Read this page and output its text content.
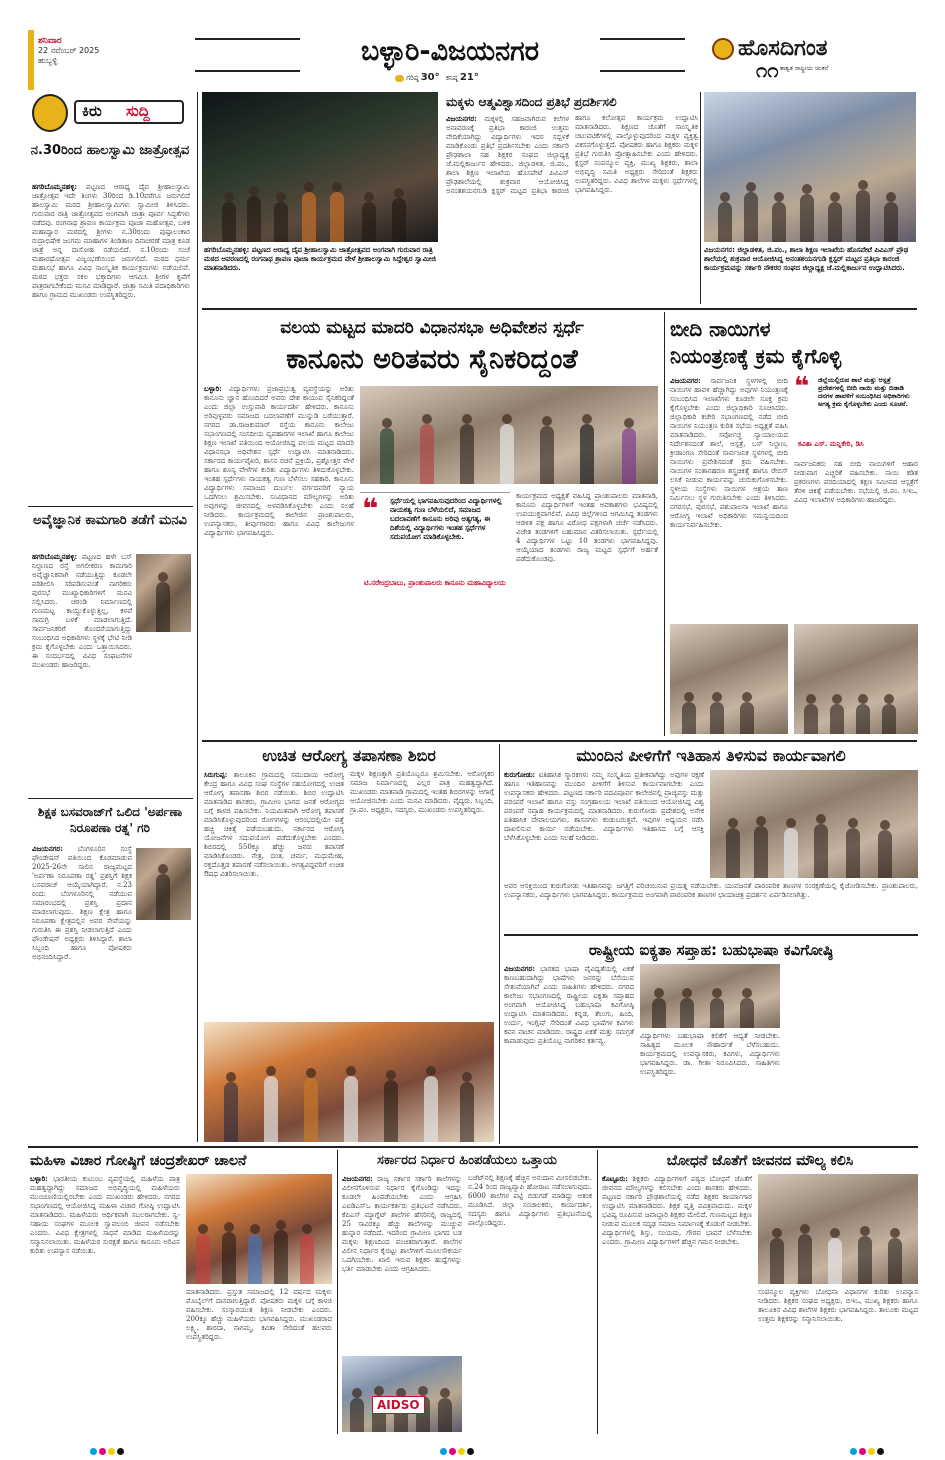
ಶನಿವಾರ
22 ನವೆಂಬರ್ 2025
ಹುಬ್ಬಳ್ಳಿ	ಬಳ್ಳಾರಿ-ವಿಜಯನಗರ
ಗರಿಷ್ಠ 30° ಕನಿಷ್ಠ 21°
ಹೊಸದಿಗಂತ
ಶಾಶ್ವತ ರಾಷ್ಟ್ರೀಯ ಚಿಂತನೆ
೧೧
ಕಿರು ಸುದ್ದಿ
ನ.30ರಿಂದ ಹಾಲಸ್ವಾಮಿ ಜಾತ್ರೋತ್ಸವ
ಹಗರಿಬೊಮ್ಮನಹಳ್ಳಿ: ಪಟ್ಟಣದ ಆರಾಧ್ಯ ದೈವ ಶ್ರೀಹಾಲಸ್ವಾಮಿ ಜಾತ್ರೋತ್ಸವ ಇದೇ ತಿಂಗಳು 30ರಿಂದ ಡಿ.10ವರೆಗೂ ಜರುಗಲಿದೆ ಹಾಲಸ್ವಾಮಿ ಮಠದ ಶ್ರೀಹಾಲಸ್ವಾಮಿಗಳು ಸ್ವಾಮೀಜಿ ತಿಳಿಸಿದರು. ಗುರುವಾರ ರಾತ್ರಿ ಜಾತ್ರೋತ್ಸವದ ಅಂಗವಾಗಿ ಜಾತ್ರಾ ಪೂರ್ವ ಸಿದ್ಧತೆಗಳು ನಡೆದವು. ರಂಗನಾಥ ಶ್ರಾವಣ ಕಾರ್ಯಕ್ರಮ ಪೂಜಾ ಮಹೋತ್ಸವ, ಬಳಿಕ ಮಹಾದ್ವಾರ ಮಠದಲ್ಲಿ ಶ್ರೀಗಳು ನ.30ರಂದು ಪುಷ್ಪಾಲಂಕಾರ ರುದ್ರಾಭಿಷೇಕ ಜಂಗಮ ಮಾಹಾಗಳ ತಿಂಡಿತಾಣ ದಿನಾಚರಣೆ ಮಾತ್ರ ಕೂಡ ಜಾತ್ರೆ ಅನ್ನ ದಾಸೋಹ ನಡೆಯಲಿದೆ. ನ.10ರಂದು ಸಂಜೆ ಮಹಾರಥೋತ್ಸವ ವಿಜೃಂಭಣೆಯಿಂದ ಜರುಗಲಿದೆ. ಮಠದ ಧರ್ಮ ಮಹಾಸಭೆ ಹಾಗೂ ವಿವಿಧ ಸಾಂಸ್ಕೃತಿಕ ಕಾರ್ಯಕ್ರಮಗಳು ನಡೆಯಲಿವೆ. ಮಠದ ಭಕ್ತರು ಸಕಲ ಭಕ್ತಾದಿಗಳು ಆಗಮಿಸಿ ಶ್ರೀಗಳ ಕೃಪೆಗೆ ಪಾತ್ರರಾಗಬೇಕೆಂದು ಮನವಿ ಮಾಡಿದ್ದಾರೆ. ಜಾತ್ರಾ ಸಮಿತಿ ಪದಾಧಿಕಾರಿಗಳು ಹಾಗೂ ಗ್ರಾಮದ ಮುಖಂಡರು ಉಪಸ್ಥಿತರಿದ್ದರು.
ಅವೈಜ್ಞಾನಿಕ ಕಾಮಗಾರಿ ತಡೆಗೆ ಮನವಿ
ಹಗರಿಬೊಮ್ಮನಹಳ್ಳಿ: ಪಟ್ಟಣದ ಹಳೇ ಬಸ್ ನಿಲ್ದಾಣದ ರಸ್ತೆ ಅಗಲೀಕರಣ ಕಾಮಗಾರಿ ಅವೈಜ್ಞಾನಿಕವಾಗಿ ನಡೆಯುತ್ತಿದ್ದು ಕೂಡಲೇ ಪರಿಶೀಲಿಸಿ ಸರಿಪಡಿಸುವಂತೆ ನಾಗರಿಕರು ಪುರಸಭೆ ಮುಖ್ಯಾಧಿಕಾರಿಗಳಿಗೆ ಮನವಿ ಸಲ್ಲಿಸಿದರು. ಚರಂಡಿ ನಿರ್ಮಾಣದಲ್ಲಿ ಗುಣಮಟ್ಟ ಕಾಯ್ದುಕೊಳ್ಳುತ್ತಿಲ್ಲ, ಕಳಪೆ ಸಾಮಗ್ರಿ ಬಳಕೆ ಮಾಡಲಾಗುತ್ತಿದೆ. ಸಾರ್ವಜನಿಕರಿಗೆ ತೊಂದರೆಯಾಗುತ್ತಿದ್ದು ಸಂಬಂಧಿಸಿದ ಅಧಿಕಾರಿಗಳು ಸ್ಥಳಕ್ಕೆ ಭೇಟಿ ನೀಡಿ ಕ್ರಮ ಕೈಗೊಳ್ಳಬೇಕು ಎಂದು ಒತ್ತಾಯಿಸಿದರು. ಈ ಸಂದರ್ಭದಲ್ಲಿ ವಿವಿಧ ಸಂಘಟನೆಗಳ ಮುಖಂಡರು ಹಾಜರಿದ್ದರು.
ಶಿಕ್ಷಕ ಬಸವರಾಜ್‌ಗೆ ಒಲಿದ 'ಅರ್ಪಣಾ ನಿರೂಪಣಾ ರತ್ನ' ಗರಿ
ವಿಜಯನಗರ: ಬೆಂಗಳೂರಿನ ಸಂಸ್ಥೆ ಫೌಂಡೇಷನ್ ವತಿಯಿಂದ ಕೊಡಮಾಡುವ 2025-26ನೇ ಸಾಲಿನ ರಾಜ್ಯಮಟ್ಟದ 'ಅರ್ಪಣಾ ನಿರೂಪಣಾ ರತ್ನ' ಪ್ರಶಸ್ತಿಗೆ ಶಿಕ್ಷಕ ಬಸವರಾಜ್ ಆಯ್ಕೆಯಾಗಿದ್ದಾರೆ. ನ.23 ರಂದು ಬೆಂಗಳೂರಿನಲ್ಲಿ ನಡೆಯುವ ಸಮಾರಂಭದಲ್ಲಿ ಪ್ರಶಸ್ತಿ ಪ್ರದಾನ ಮಾಡಲಾಗುವುದು. ಶಿಕ್ಷಣ ಕ್ಷೇತ್ರ ಹಾಗೂ ನಿರೂಪಣಾ ಕ್ಷೇತ್ರದಲ್ಲಿನ ಅವರ ಸೇವೆಯನ್ನು ಗುರುತಿಸಿ ಈ ಪ್ರಶಸ್ತಿ ನೀಡಲಾಗುತ್ತಿದೆ ಎಂದು ಫೌಂಡೇಷನ್ ಅಧ್ಯಕ್ಷರು ತಿಳಿಸಿದ್ದಾರೆ. ಶಾಲಾ ಸಿಬ್ಬಂದಿ ಹಾಗೂ ಪೋಷಕರು ಅಭಿನಂದಿಸಿದ್ದಾರೆ.
ಹಗರಿಬೊಮ್ಮನಹಳ್ಳಿ: ಪಟ್ಟಣದ ಆರಾಧ್ಯ ದೈವ ಶ್ರೀಹಾಲಸ್ವಾಮಿ ಜಾತ್ರೋತ್ಸವದ ಅಂಗವಾಗಿ ಗುರುವಾರ ರಾತ್ರಿ ಮಠದ ಆವರಣದಲ್ಲಿ ರಂಗನಾಥ ಶ್ರಾವಣ ಪೂಜಾ ಕಾರ್ಯಕ್ರಮದ ವೇಳೆ ಶ್ರೀಹಾಲಸ್ವಾಮಿ ಸಿದ್ದೇಶ್ವರ ಸ್ವಾಮೀಜಿ ಮಾತನಾಡಿದರು.
ಮಕ್ಕಳು ಆತ್ಮವಿಶ್ವಾಸದಿಂದ ಪ್ರತಿಭೆ ಪ್ರದರ್ಶಿಸಲಿ
ವಿಜಯನಗರ: ಮಕ್ಕಳಲ್ಲಿ ಸಹಜವಾಗಿರುವ ಕಲೆಗಳ ಅನಾವರಣಕ್ಕೆ ಪ್ರತಿಭಾ ಕಾರಂಜಿ ಉತ್ತಮ ವೇದಿಕೆಯಾಗಿದ್ದು ವಿದ್ಯಾರ್ಥಿಗಳು ಇದರ ಸದ್ಬಳಕೆ ಮಾಡಿಕೊಂಡು ಪ್ರತಿಭೆ ಪ್ರದರ್ಶಿಸಬೇಕು ಎಂದು ಸರ್ಕಾರಿ ಪ್ರೌಢಶಾಲಾ ಸಹ ಶಿಕ್ಷಕರ ಸಂಘದ ಜಿಲ್ಲಾಧ್ಯಕ್ಷ ಜೆ.ಮಲ್ಲಿಕಾರ್ಜುನ ಹೇಳಿದರು. ಜಿಲ್ಲಾಡಳಿತ, ಜಿ.ಪಂ., ಶಾಲಾ ಶಿಕ್ಷಣ ಇಲಾಖೆಯ ಹೊಸಪೇಟೆ ಪಿವಿಎಸ್ ಪ್ರೌಢಶಾಲೆಯಲ್ಲಿ ಶುಕ್ರವಾರ ಆಯೋಜಿಸಿದ್ದ ಅನಂತಶಯನಗುಡಿ ಕ್ಲಸ್ಟರ್ ಮಟ್ಟದ ಪ್ರತಿಭಾ ಕಾರಂಜಿ ಹಾಗೂ ಕಲೋತ್ಸವ ಕಾರ್ಯಕ್ರಮ ಉದ್ಘಾಟಿಸಿ ಮಾತನಾಡಿದರು. ಶಿಕ್ಷಣದ ಜೊತೆಗೆ ಸಾಂಸ್ಕೃತಿಕ ಚಟುವಟಿಕೆಗಳಲ್ಲಿ ಪಾಲ್ಗೊಳ್ಳುವುದರಿಂದ ಮಕ್ಕಳ ವ್ಯಕ್ತಿತ್ವ ವಿಕಸನಗೊಳ್ಳುತ್ತದೆ. ಪೋಷಕರು ಹಾಗೂ ಶಿಕ್ಷಕರು ಮಕ್ಕಳ ಪ್ರತಿಭೆ ಗುರುತಿಸಿ ಪ್ರೋತ್ಸಾಹಿಸಬೇಕು ಎಂದು ಹೇಳಿದರು. ಕ್ಲಸ್ಟರ್ ಸಂಪನ್ಮೂಲ ವ್ಯಕ್ತಿ, ಮುಖ್ಯ ಶಿಕ್ಷಕರು, ಶಾಲಾ ಅಭಿವೃದ್ಧಿ ಸಮಿತಿ ಅಧ್ಯಕ್ಷರು ಸೇರಿದಂತೆ ಶಿಕ್ಷಕರು ಉಪಸ್ಥಿತರಿದ್ದರು. ವಿವಿಧ ಶಾಲೆಗಳ ಮಕ್ಕಳು ಸ್ಪರ್ಧೆಗಳಲ್ಲಿ ಭಾಗವಹಿಸಿದ್ದರು.
ವಿಜಯನಗರ: ಜಿಲ್ಲಾಡಳಿತ, ಜಿ.ಪಂ., ಶಾಲಾ ಶಿಕ್ಷಣ ಇಲಾಖೆಯ ಹೊಸಪೇಟೆ ಪಿವಿಎಸ್ ಪ್ರೌಢ ಶಾಲೆಯಲ್ಲಿ ಶುಕ್ರವಾರ ಆಯೋಜಿಸಿದ್ದ ಅನಂತಶಯನಗುಡಿ ಕ್ಲಸ್ಟರ್ ಮಟ್ಟದ ಪ್ರತಿಭಾ ಕಾರಂಜಿ ಕಾರ್ಯಕ್ರಮವನ್ನು ಸರ್ಕಾರಿ ನೌಕರರ ಸಂಘದ ಜಿಲ್ಲಾಧ್ಯಕ್ಷ ಜೆ.ಮಲ್ಲಿಕಾರ್ಜುನ ಉದ್ಘಾಟಿಸಿದರು.
ವಲಯ ಮಟ್ಟದ ಮಾದರಿ ವಿಧಾನಸಭಾ ಅಧಿವೇಶನ ಸ್ಪರ್ಧೆ
ಕಾನೂನು ಅರಿತವರು ಸೈನಿಕರಿದ್ದಂತೆ
ಬಳ್ಳಾರಿ: ವಿದ್ಯಾರ್ಥಿಗಳು ಪ್ರಜಾಪ್ರಭುತ್ವ ವ್ಯವಸ್ಥೆಯನ್ನು ಅರಿತು ಕಾನೂನು ಜ್ಞಾನ ಹೊಂದಿದರೆ ಅವರು ದೇಶ ಕಾಯುವ ಸೈನಿಕರಿದ್ದಂತೆ ಎಂದು ಜಿಲ್ಲಾ ಉಸ್ತುವಾರಿ ಕಾರ್ಯದರ್ಶಿ ಹೇಳಿದರು. ಕಾನೂನು ಅರಿವುಳ್ಳವರು ಸಮಾಜದ ಬದಲಾವಣೆಗೆ ಮುನ್ನುಡಿ ಬರೆಯುತ್ತಾರೆ. ನಗರದ ಡಾ.ರಾಜಕುಮಾರ್ ರಸ್ತೆಯ ಕಾನೂನು ಕಾಲೇಜು ಸಭಾಂಗಣದಲ್ಲಿ ಸಂಸದೀಯ ವ್ಯವಹಾರಗಳ ಇಲಾಖೆ ಹಾಗೂ ಕಾಲೇಜು ಶಿಕ್ಷಣ ಇಲಾಖೆ ವತಿಯಿಂದ ಆಯೋಜಿಸಿದ್ದ ವಲಯ ಮಟ್ಟದ ಮಾದರಿ ವಿಧಾನಸಭಾ ಅಧಿವೇಶನ ಸ್ಪರ್ಧೆ ಉದ್ಘಾಟಿಸಿ ಮಾತನಾಡಿದರು. ಸರ್ಕಾರದ ಕಾರ್ಯವೈಖರಿ, ಶಾಸನ ರಚನೆ ಪ್ರಕ್ರಿಯೆ, ಪ್ರಶ್ನೋತ್ತರ ವೇಳೆ ಹಾಗೂ ಶೂನ್ಯ ವೇಳೆಗಳ ಕುರಿತು ವಿದ್ಯಾರ್ಥಿಗಳು ತಿಳಿದುಕೊಳ್ಳಬೇಕು. ಇಂತಹ ಸ್ಪರ್ಧೆಗಳು ನಾಯಕತ್ವ ಗುಣ ಬೆಳೆಸಲು ಸಹಕಾರಿ. ಕಾನೂನು ವಿದ್ಯಾರ್ಥಿಗಳು ಸಮಾಜದ ದುರ್ಬಲ ವರ್ಗದವರಿಗೆ ನ್ಯಾಯ ಒದಗಿಸಲು ಶ್ರಮಿಸಬೇಕು. ಸಂವಿಧಾನದ ಮೌಲ್ಯಗಳನ್ನು ಅರಿತು ಅವುಗಳನ್ನು ಜೀವನದಲ್ಲಿ ಅಳವಡಿಸಿಕೊಳ್ಳಬೇಕು ಎಂದು ಸಲಹೆ ನೀಡಿದರು. ಕಾರ್ಯಕ್ರಮದಲ್ಲಿ ಕಾಲೇಜಿನ ಪ್ರಾಂಶುಪಾಲರು, ಉಪನ್ಯಾಸಕರು, ತೀರ್ಪುಗಾರರು ಹಾಗೂ ವಿವಿಧ ಕಾಲೇಜುಗಳ ವಿದ್ಯಾರ್ಥಿಗಳು ಭಾಗವಹಿಸಿದ್ದರು.
❝ ಸ್ಪರ್ಧೆಯಲ್ಲಿ ಭಾಗವಹಿಸುವುದರಿಂದ ವಿದ್ಯಾರ್ಥಿಗಳಲ್ಲಿ ನಾಯಕತ್ವ ಗುಣ ಬೆಳೆಯಲಿದೆ, ಸಮಾಜದ ಬದಲಾವಣೆಗೆ ಕಾನೂನು ಅರಿವು ಅತ್ಯಗತ್ಯ, ಈ ದಿಶೆಯಲ್ಲಿ ವಿದ್ಯಾರ್ಥಿಗಳು ಇಂತಹ ಸ್ಪರ್ಧೆಗಳ ಸದುಪಯೋಗ ಮಾಡಿಕೊಳ್ಳಬೇಕು.
ಟಿ.ನರೇಂದ್ರಬಾಬು, ಪ್ರಾಂಶುಪಾಲರು ಕಾನೂನು ಮಹಾವಿದ್ಯಾಲಯ
ಕಾರ್ಯಕ್ರಮದ ಅಧ್ಯಕ್ಷತೆ ವಹಿಸಿದ್ದ ಪ್ರಾಂಶುಪಾಲರು ಮಾತನಾಡಿ, ಕಾನೂನು ವಿದ್ಯಾರ್ಥಿಗಳಿಗೆ ಇಂತಹ ಅವಕಾಶಗಳು ಭವಿಷ್ಯದಲ್ಲಿ ಉಪಯುಕ್ತವಾಗಲಿವೆ. ವಿವಿಧ ಜಿಲ್ಲೆಗಳಿಂದ ಆಗಮಿಸಿದ್ದ ತಂಡಗಳು ಆಡಳಿತ ಪಕ್ಷ ಹಾಗೂ ವಿರೋಧ ಪಕ್ಷಗಳಾಗಿ ಚರ್ಚೆ ನಡೆಸಿದರು. ವಿಜೇತ ತಂಡಗಳಿಗೆ ಬಹುಮಾನ ವಿತರಿಸಲಾಯಿತು. ಸ್ಪರ್ಧೆಯಲ್ಲಿ 4 ವಿದ್ಯಾರ್ಥಿಗಳ ಒಟ್ಟು 10 ತಂಡಗಳು ಭಾಗವಹಿಸಿದ್ದವು. ಆಯ್ಕೆಯಾದ ತಂಡಗಳು ರಾಜ್ಯ ಮಟ್ಟದ ಸ್ಪರ್ಧೆಗೆ ಅರ್ಹತೆ ಪಡೆದುಕೊಂಡವು.
ಬೀದಿ ನಾಯಿಗಳ
ನಿಯಂತ್ರಣಕ್ಕೆ ಕ್ರಮ ಕೈಗೊಳ್ಳಿ
ವಿಜಯನಗರ: ಸಾರ್ವಜನಿಕ ಸ್ಥಳಗಳಲ್ಲಿ ಬೀದಿ ನಾಯಿಗಳ ಹಾವಳಿ ಹೆಚ್ಚಾಗಿದ್ದು ಅವುಗಳ ನಿಯಂತ್ರಣಕ್ಕೆ ಸಂಬಂಧಿಸಿದ ಇಲಾಖೆಗಳು ಕೂಡಲೇ ಸೂಕ್ತ ಕ್ರಮ ಕೈಗೊಳ್ಳಬೇಕು ಎಂದು ಜಿಲ್ಲಾಧಿಕಾರಿ ಸೂಚಿಸಿದರು. ಜಿಲ್ಲಾಧಿಕಾರಿ ಕಚೇರಿ ಸಭಾಂಗಣದಲ್ಲಿ ನಡೆದ ಬೀದಿ ನಾಯಿಗಳ ನಿಯಂತ್ರಣ ಕುರಿತ ಸಭೆಯ ಅಧ್ಯಕ್ಷತೆ ವಹಿಸಿ ಮಾತನಾಡಿದರು. ಸರ್ವೋಚ್ಚ ನ್ಯಾಯಾಲಯದ ನಿರ್ದೇಶನದಂತೆ ಶಾಲೆ, ಆಸ್ಪತ್ರೆ, ಬಸ್ ನಿಲ್ದಾಣ, ಕ್ರೀಡಾಂಗಣ ಸೇರಿದಂತೆ ಸಾರ್ವಜನಿಕ ಸ್ಥಳಗಳಲ್ಲಿ ಬೀದಿ ನಾಯಿಗಳು ಪ್ರವೇಶಿಸದಂತೆ ಕ್ರಮ ವಹಿಸಬೇಕು. ನಾಯಿಗಳ ಸಂತಾನಹರಣ ಶಸ್ತ್ರಚಿಕಿತ್ಸೆ ಹಾಗೂ ರೇಬಿಸ್ ಲಸಿಕೆ ನೀಡುವ ಕಾರ್ಯವನ್ನು ಚುರುಕುಗೊಳಿಸಬೇಕು. ಸ್ಥಳೀಯ ಸಂಸ್ಥೆಗಳು ನಾಯಿಗಳ ಆಶ್ರಯ ತಾಣ ನಿರ್ಮಿಸಲು ಸ್ಥಳ ಗುರುತಿಸಬೇಕು ಎಂದು ತಿಳಿಸಿದರು. ನಗರಸಭೆ, ಪುರಸಭೆ, ಪಶುಪಾಲನಾ ಇಲಾಖೆ ಹಾಗೂ ಆರೋಗ್ಯ ಇಲಾಖೆ ಅಧಿಕಾರಿಗಳು ಸಮನ್ವಯದಿಂದ ಕಾರ್ಯನಿರ್ವಹಿಸಬೇಕು.
❝ ಜಿಲ್ಲೆಯಲ್ಲಿರುವ ಶಾಲೆ ಮತ್ತು ಆಸ್ಪತ್ರೆ ಪ್ರದೇಶಗಳಲ್ಲಿ ಬೀದಿ ನಾಯಿ ಮತ್ತು ಬಿಡಾಡಿ ದನಗಳ ಹಾವಳಿಗೆ ಸಂಬಂಧಿಸಿದ ಅಧಿಕಾರಿಗಳು ಅಗತ್ಯ ಕ್ರಮ ಕೈಗೊಳ್ಳಬೇಕು ಎಂದು ಸೂಚನೆ.
ಕವಿತಾ ಎಸ್. ಮನ್ನಿಕೇರಿ, ಡಿಸಿ
ಸಾರ್ವಜನಿಕರು ಸಹ ಬೀದಿ ನಾಯಿಗಳಿಗೆ ಆಹಾರ ನೀಡುವಾಗ ಎಚ್ಚರಿಕೆ ವಹಿಸಬೇಕು. ನಾಯಿ ಕಡಿತ ಪ್ರಕರಣಗಳು ವರದಿಯಾದಲ್ಲಿ ತಕ್ಷಣ ಸಮೀಪದ ಆಸ್ಪತ್ರೆಗೆ ತೆರಳಿ ಚಿಕಿತ್ಸೆ ಪಡೆಯಬೇಕು. ಸಭೆಯಲ್ಲಿ ಜಿ.ಪಂ. ಸಿಇಒ, ವಿವಿಧ ಇಲಾಖೆಗಳ ಅಧಿಕಾರಿಗಳು ಹಾಜರಿದ್ದರು.
ಉಚಿತ ಆರೋಗ್ಯ ತಪಾಸಣಾ ಶಿಬಿರ
ಸಿರುಗುಪ್ಪ: ತಾಲೂಕಿನ ಗ್ರಾಮದಲ್ಲಿ ಸಮುದಾಯ ಆರೋಗ್ಯ ಕೇಂದ್ರ ಹಾಗೂ ವಿವಿಧ ಸಂಘ ಸಂಸ್ಥೆಗಳ ಸಹಯೋಗದಲ್ಲಿ ಉಚಿತ ಆರೋಗ್ಯ ತಪಾಸಣಾ ಶಿಬಿರ ನಡೆಯಿತು. ಶಿಬಿರ ಉದ್ಘಾಟಿಸಿ ಮಾತನಾಡಿದ ಶಾಸಕರು, ಗ್ರಾಮೀಣ ಭಾಗದ ಜನತೆ ಆರೋಗ್ಯದ ಬಗ್ಗೆ ಕಾಳಜಿ ವಹಿಸಬೇಕು. ನಿಯಮಿತವಾಗಿ ಆರೋಗ್ಯ ತಪಾಸಣೆ ಮಾಡಿಸಿಕೊಳ್ಳುವುದರಿಂದ ರೋಗಗಳನ್ನು ಆರಂಭದಲ್ಲಿಯೇ ಪತ್ತೆ ಹಚ್ಚಿ ಚಿಕಿತ್ಸೆ ಪಡೆಯಬಹುದು. ಸರ್ಕಾರದ ಆರೋಗ್ಯ ಯೋಜನೆಗಳ ಸದುಪಯೋಗ ಪಡೆದುಕೊಳ್ಳಬೇಕು ಎಂದರು. ಶಿಬಿರದಲ್ಲಿ 550ಕ್ಕೂ ಹೆಚ್ಚು ಜನರು ತಪಾಸಣೆ ಮಾಡಿಸಿಕೊಂಡರು. ನೇತ್ರ, ದಂತ, ಚರ್ಮ, ಮಧುಮೇಹ, ರಕ್ತದೊತ್ತಡ ತಪಾಸಣೆ ನಡೆಸಲಾಯಿತು. ಅಗತ್ಯವಿದ್ದವರಿಗೆ ಉಚಿತ ಔಷಧ ವಿತರಿಸಲಾಯಿತು.
ಮಕ್ಕಳ ಶಿಕ್ಷಣಕ್ಕಾಗಿ ಪ್ರತಿಯೊಬ್ಬರೂ ಶ್ರಮಿಸಬೇಕು. ಆರೋಗ್ಯಕರ ಸಮಾಜ ನಿರ್ಮಾಣದಲ್ಲಿ ಎಲ್ಲರ ಪಾತ್ರ ಮಹತ್ವದ್ದಾಗಿದೆ. ಮುಖಂಡರು ಮಾತನಾಡಿ ಗ್ರಾಮದಲ್ಲಿ ಇಂತಹ ಶಿಬಿರಗಳನ್ನು ಆಗಾಗ್ಗೆ ಆಯೋಜಿಸಬೇಕು ಎಂದು ಮನವಿ ಮಾಡಿದರು. ವೈದ್ಯರು, ಸಿಬ್ಬಂದಿ, ಗ್ರಾ.ಪಂ. ಅಧ್ಯಕ್ಷರು, ಸದಸ್ಯರು, ಮುಖಂಡರು ಉಪಸ್ಥಿತರಿದ್ದರು.
ಮುಂದಿನ ಪೀಳಿಗೆಗೆ ಇತಿಹಾಸ ತಿಳಿಸುವ ಕಾರ್ಯವಾಗಲಿ
ಕುರುಗೋಡು: ಐತಿಹಾಸಿಕ ಸ್ಮಾರಕಗಳು ನಮ್ಮ ಸಂಸ್ಕೃತಿಯ ಪ್ರತೀಕವಾಗಿದ್ದು ಅವುಗಳ ರಕ್ಷಣೆ ಹಾಗೂ ಇತಿಹಾಸವನ್ನು ಮುಂದಿನ ಪೀಳಿಗೆಗೆ ತಿಳಿಸುವ ಕಾರ್ಯವಾಗಬೇಕು ಎಂದು ಉಪನ್ಯಾಸಕರು ಹೇಳಿದರು. ಪಟ್ಟಣದ ಸರ್ಕಾರಿ ಪದವಿಪೂರ್ವ ಕಾಲೇಜಿನಲ್ಲಿ ಪ್ರಾಚ್ಯವಸ್ತು ಮತ್ತು ಪರಂಪರೆ ಇಲಾಖೆ ಹಾಗೂ ವಸ್ತು ಸಂಗ್ರಹಾಲಯ ಇಲಾಖೆ ವತಿಯಿಂದ ಆಯೋಜಿಸಿದ್ದ ವಿಶ್ವ ಪರಂಪರೆ ಸಪ್ತಾಹ ಕಾರ್ಯಕ್ರಮದಲ್ಲಿ ಮಾತನಾಡಿದರು. ಕುರುಗೋಡು ಪ್ರದೇಶದಲ್ಲಿ ಅನೇಕ ಐತಿಹಾಸಿಕ ದೇವಾಲಯಗಳು, ಶಾಸನಗಳು ಕಂಡುಬರುತ್ತವೆ. ಇವುಗಳ ಅಧ್ಯಯನ ನಡೆಸಿ ದಾಖಲಿಸುವ ಕಾರ್ಯ ನಡೆಯಬೇಕು. ವಿದ್ಯಾರ್ಥಿಗಳು ಇತಿಹಾಸದ ಬಗ್ಗೆ ಆಸಕ್ತಿ ಬೆಳೆಸಿಕೊಳ್ಳಬೇಕು ಎಂದು ಸಲಹೆ ನೀಡಿದರು.
ಅವರ ಆಸಕ್ತಿಯಿಂದ ಕುರುಗೋಡು ಇತಿಹಾಸವನ್ನು ಜಗತ್ತಿಗೆ ಪರಿಚಯಿಸುವ ಪ್ರಯತ್ನ ನಡೆಯಬೇಕು. ಯುವಜನತೆ ಪಾರಂಪರಿಕ ತಾಣಗಳ ಸಂರಕ್ಷಣೆಯಲ್ಲಿ ಕೈಜೋಡಿಸಬೇಕು. ಪ್ರಾಂಶುಪಾಲರು, ಉಪನ್ಯಾಸಕರು, ವಿದ್ಯಾರ್ಥಿಗಳು ಭಾಗವಹಿಸಿದ್ದರು. ಕಾರ್ಯಕ್ರಮದ ಅಂಗವಾಗಿ ಪಾರಂಪರಿಕ ತಾಣಗಳ ಛಾಯಾಚಿತ್ರ ಪ್ರದರ್ಶನ ಏರ್ಪಡಿಸಲಾಗಿತ್ತು.
ರಾಷ್ಟ್ರೀಯ ಐಕ್ಯತಾ ಸಪ್ತಾಹ: ಬಹುಭಾಷಾ ಕವಿಗೋಷ್ಠಿ
ವಿಜಯನಗರ: ಭಾರತದ ಭಾಷಾ ವೈವಿಧ್ಯತೆಯಲ್ಲಿ ಏಕತೆ ಕಾಣಬಹುದಾಗಿದ್ದು ಭಾಷೆಗಳು ಜನರನ್ನು ಬೆಸೆಯುವ ಸೇತುವೆಯಾಗಿವೆ ಎಂದು ಸಾಹಿತಿಗಳು ಹೇಳಿದರು. ನಗರದ ಕಾಲೇಜು ಸಭಾಂಗಣದಲ್ಲಿ ರಾಷ್ಟ್ರೀಯ ಐಕ್ಯತಾ ಸಪ್ತಾಹದ ಅಂಗವಾಗಿ ಆಯೋಜಿಸಿದ್ದ ಬಹುಭಾಷಾ ಕವಿಗೋಷ್ಠಿ ಉದ್ಘಾಟಿಸಿ ಮಾತನಾಡಿದರು. ಕನ್ನಡ, ತೆಲುಗು, ಹಿಂದಿ, ಉರ್ದು, ಇಂಗ್ಲಿಷ್ ಸೇರಿದಂತೆ ವಿವಿಧ ಭಾಷೆಗಳ ಕವಿಗಳು ಕವನ ವಾಚನ ಮಾಡಿದರು. ರಾಷ್ಟ್ರದ ಏಕತೆ ಮತ್ತು ಸಮಗ್ರತೆ ಕಾಪಾಡುವುದು ಪ್ರತಿಯೊಬ್ಬ ನಾಗರಿಕನ ಕರ್ತವ್ಯ.
ವಿದ್ಯಾರ್ಥಿಗಳು ಬಹುಭಾಷಾ ಕಲಿಕೆಗೆ ಆದ್ಯತೆ ನೀಡಬೇಕು. ಸಾಹಿತ್ಯದ ಮೂಲಕ ಸೌಹಾರ್ದತೆ ಬೆಳೆಸಬಹುದು. ಕಾರ್ಯಕ್ರಮದಲ್ಲಿ ಉಪನ್ಯಾಸಕರು, ಕವಿಗಳು, ವಿದ್ಯಾರ್ಥಿಗಳು ಭಾಗವಹಿಸಿದ್ದರು. ಡಾ. ಗೀತಾ ನಿರೂಪಿಸಿದರು. ಸಾಹಿತಿಗಳು ಉಪಸ್ಥಿತರಿದ್ದರು.
ಮಹಿಳಾ ವಿಚಾರ ಗೋಷ್ಠಿಗೆ ಚಂದ್ರಶೇಖರ್ ಚಾಲನೆ
ಬಳ್ಳಾರಿ: ಭಾರತೀಯ ಕುಟುಂಬ ವ್ಯವಸ್ಥೆಯಲ್ಲಿ ಮಹಿಳೆಯ ಪಾತ್ರ ಮಹತ್ವದ್ದಾಗಿದ್ದು ಸಮಾಜದ ಅಭಿವೃದ್ಧಿಯಲ್ಲಿ ಮಹಿಳೆಯರು ಮುಂಚೂಣಿಯಲ್ಲಿರಬೇಕು ಎಂದು ಮುಖಂಡರು ಹೇಳಿದರು. ನಗರದ ಸಭಾಂಗಣದಲ್ಲಿ ಆಯೋಜಿಸಿದ್ದ ಮಹಿಳಾ ವಿಚಾರ ಗೋಷ್ಠಿ ಉದ್ಘಾಟಿಸಿ ಮಾತನಾಡಿದರು. ಮಹಿಳೆಯರು ಆರ್ಥಿಕವಾಗಿ ಸಬಲರಾಗಬೇಕು. ಸ್ವ-ಸಹಾಯ ಸಂಘಗಳ ಮೂಲಕ ಸ್ವಾವಲಂಬಿ ಜೀವನ ನಡೆಸಬೇಕು ಎಂದರು. ವಿವಿಧ ಕ್ಷೇತ್ರಗಳಲ್ಲಿ ಸಾಧನೆ ಮಾಡಿದ ಮಹಿಳೆಯರನ್ನು ಸನ್ಮಾನಿಸಲಾಯಿತು. ಮಹಿಳೆಯರ ಸುರಕ್ಷತೆ ಹಾಗೂ ಕಾನೂನು ಅರಿವಿನ ಕುರಿತು ಉಪನ್ಯಾಸ ನಡೆಯಿತು.
ಮಾತನಾಡಿದರು. ಪ್ರಸ್ತುತ ಸಮಾಜದಲ್ಲಿ 12 ವರ್ಷದ ಮಕ್ಕಳು ಮೊಬೈಲ್‌ಗೆ ದಾಸರಾಗುತ್ತಿದ್ದಾರೆ. ಪೋಷಕರು ಮಕ್ಕಳ ಬಗ್ಗೆ ಕಾಳಜಿ ವಹಿಸಬೇಕು. ಸಂಸ್ಕಾರಯುತ ಶಿಕ್ಷಣ ನೀಡಬೇಕು ಎಂದರು. 200ಕ್ಕೂ ಹೆಚ್ಚು ಮಹಿಳೆಯರು ಭಾಗವಹಿಸಿದ್ದರು. ಮುಖಂಡರಾದ ಲಕ್ಷ್ಮಿ, ಶಾರದಾ, ನಾಗಮ್ಮ, ಕವಿತಾ ಸೇರಿದಂತೆ ಹಲವರು ಉಪಸ್ಥಿತರಿದ್ದರು.
ಸರ್ಕಾರದ ನಿರ್ಧಾರ ಹಿಂಪಡೆಯಲು ಒತ್ತಾಯ
ವಿಜಯನಗರ: ರಾಜ್ಯ ಸರ್ಕಾರ ಸರ್ಕಾರಿ ಶಾಲೆಗಳನ್ನು ವಿಲೀನಗೊಳಿಸುವ ನಿರ್ಧಾರ ಕೈಗೊಂಡಿದ್ದು ಇದನ್ನು ಕೂಡಲೇ ಹಿಂಪಡೆಯಬೇಕು ಎಂದು ಆಗ್ರಹಿಸಿ ಎಐಡಿಎಸ್‌ಒ ಕಾರ್ಯಕರ್ತರು ಪ್ರತಿಭಟನೆ ನಡೆಸಿದರು. ಕೆಪಿಎಸ್ ಮ್ಯಾಗ್ನೆಟ್ ಶಾಲೆಗಳ ಹೆಸರಿನಲ್ಲಿ ರಾಜ್ಯದಲ್ಲಿ 25 ಸಾವಿರಕ್ಕೂ ಹೆಚ್ಚು ಶಾಲೆಗಳನ್ನು ಮುಚ್ಚುವ ಹುನ್ನಾರ ನಡೆದಿದೆ. ಇದರಿಂದ ಗ್ರಾಮೀಣ ಭಾಗದ ಬಡ ಮಕ್ಕಳು ಶಿಕ್ಷಣದಿಂದ ವಂಚಿತರಾಗುತ್ತಾರೆ. ಶಾಲೆಗಳ ವಿಲೀನ ನಿರ್ಧಾರ ಕೈಬಿಟ್ಟು ಶಾಲೆಗಳಿಗೆ ಮೂಲಸೌಕರ್ಯ ಒದಗಿಸಬೇಕು. ಖಾಲಿ ಇರುವ ಶಿಕ್ಷಕರ ಹುದ್ದೆಗಳನ್ನು ಭರ್ತಿ ಮಾಡಬೇಕು ಎಂದು ಆಗ್ರಹಿಸಿದರು.
ಬಜೆಟ್‌ನಲ್ಲಿ ಶಿಕ್ಷಣಕ್ಕೆ ಹೆಚ್ಚಿನ ಅನುದಾನ ಮೀಸಲಿಡಬೇಕು. ನ.24 ರಿಂದ ರಾಜ್ಯವ್ಯಾಪಿ ಹೋರಾಟ ನಡೆಸಲಾಗುವುದು. 6000 ಶಾಲೆಗಳ ಪಟ್ಟಿ ಬಿಡುಗಡೆ ಮಾಡಿದ್ದು ಆತಂಕ ಮೂಡಿಸಿದೆ. ಜಿಲ್ಲಾ ಸಂಚಾಲಕರು, ಕಾರ್ಯದರ್ಶಿ, ಸದಸ್ಯರು ಹಾಗೂ ವಿದ್ಯಾರ್ಥಿಗಳು ಪ್ರತಿಭಟನೆಯಲ್ಲಿ ಪಾಲ್ಗೊಂಡಿದ್ದರು.
AIDSO
ಬೋಧನೆ ಜೊತೆಗೆ ಜೀವನದ ಮೌಲ್ಯ ಕಲಿಸಿ
ಕೊಟ್ಟೂರು: ಶಿಕ್ಷಕರು ವಿದ್ಯಾರ್ಥಿಗಳಿಗೆ ಪಠ್ಯದ ಬೋಧನೆ ಜೊತೆಗೆ ಜೀವನದ ಮೌಲ್ಯಗಳನ್ನು ಕಲಿಸಬೇಕು ಎಂದು ಶಾಸಕರು ಹೇಳಿದರು. ಪಟ್ಟಣದ ಸರ್ಕಾರಿ ಪ್ರೌಢಶಾಲೆಯಲ್ಲಿ ನಡೆದ ಶಿಕ್ಷಕರ ಕಾರ್ಯಾಗಾರ ಉದ್ಘಾಟಿಸಿ ಮಾತನಾಡಿದರು. ಶಿಕ್ಷಕ ವೃತ್ತಿ ಪವಿತ್ರವಾದುದು. ಮಕ್ಕಳ ಭವಿಷ್ಯ ರೂಪಿಸುವ ಜವಾಬ್ದಾರಿ ಶಿಕ್ಷಕರ ಮೇಲಿದೆ. ಗುಣಮಟ್ಟದ ಶಿಕ್ಷಣ ನೀಡುವ ಮೂಲಕ ಸದೃಢ ಸಮಾಜ ನಿರ್ಮಾಣಕ್ಕೆ ಕೊಡುಗೆ ನೀಡಬೇಕು. ವಿದ್ಯಾರ್ಥಿಗಳಲ್ಲಿ ಶಿಸ್ತು, ಸಂಯಮ, ಗೌರವ ಭಾವನೆ ಬೆಳೆಸಬೇಕು ಎಂದರು. ಗ್ರಾಮೀಣ ವಿದ್ಯಾರ್ಥಿಗಳಿಗೆ ಹೆಚ್ಚಿನ ಗಮನ ನೀಡಬೇಕು.
ಸಂಪನ್ಮೂಲ ವ್ಯಕ್ತಿಗಳು ಬೋಧನಾ ವಿಧಾನಗಳ ಕುರಿತು ಉಪನ್ಯಾಸ ನೀಡಿದರು. ಶಿಕ್ಷಕರ ಸಂಘದ ಅಧ್ಯಕ್ಷರು, ಬಿಇಒ, ಮುಖ್ಯ ಶಿಕ್ಷಕರು ಹಾಗೂ ತಾಲೂಕಿನ ವಿವಿಧ ಶಾಲೆಗಳ ಶಿಕ್ಷಕರು ಭಾಗವಹಿಸಿದ್ದರು. ತಾಲೂಕು ಮಟ್ಟದ ಉತ್ತಮ ಶಿಕ್ಷಕರನ್ನು ಸನ್ಮಾನಿಸಲಾಯಿತು.
